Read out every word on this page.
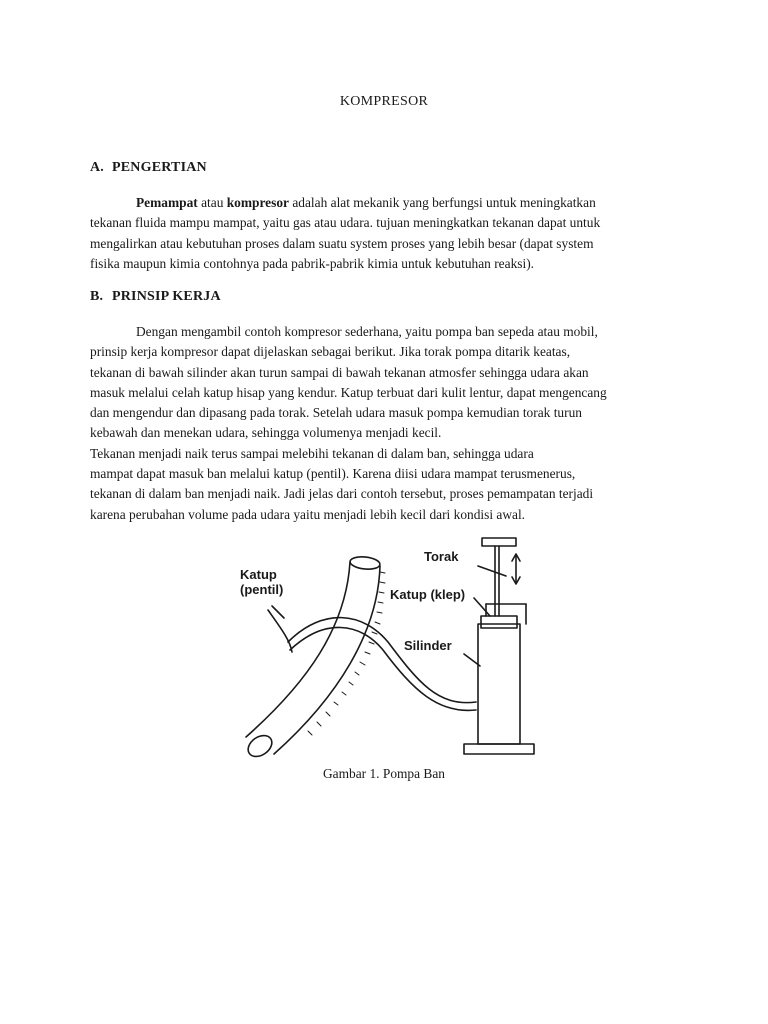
KOMPRESOR
A. PENGERTIAN
Pemampat atau kompresor adalah alat mekanik yang berfungsi untuk meningkatkan
tekanan fluida mampu mampat, yaitu gas atau udara. tujuan meningkatkan tekanan dapat untuk
mengalirkan atau kebutuhan proses dalam suatu system proses yang lebih besar (dapat system
fisika maupun kimia contohnya pada pabrik-pabrik kimia untuk kebutuhan reaksi).
B. PRINSIP KERJA
Dengan mengambil contoh kompresor sederhana, yaitu pompa ban sepeda atau mobil,
prinsip kerja kompresor dapat dijelaskan sebagai berikut. Jika torak pompa ditarik keatas,
tekanan di bawah silinder akan turun sampai di bawah tekanan atmosfer sehingga udara akan
masuk melalui celah katup hisap yang kendur. Katup terbuat dari kulit lentur, dapat mengencang
dan mengendur dan dipasang pada torak. Setelah udara masuk pompa kemudian torak turun
kebawah dan menekan udara, sehingga volumenya menjadi kecil.
Tekanan menjadi naik terus sampai melebihi tekanan di dalam ban, sehingga udara
mampat dapat masuk ban melalui katup (pentil). Karena diisi udara mampat terusmenerus,
tekanan di dalam ban menjadi naik. Jadi jelas dari contoh tersebut, proses pemampatan terjadi
karena perubahan volume pada udara yaitu menjadi lebih kecil dari kondisi awal.
Katup
(pentil)
Torak
Katup (klep)
Silinder
Gambar 1. Pompa Ban
